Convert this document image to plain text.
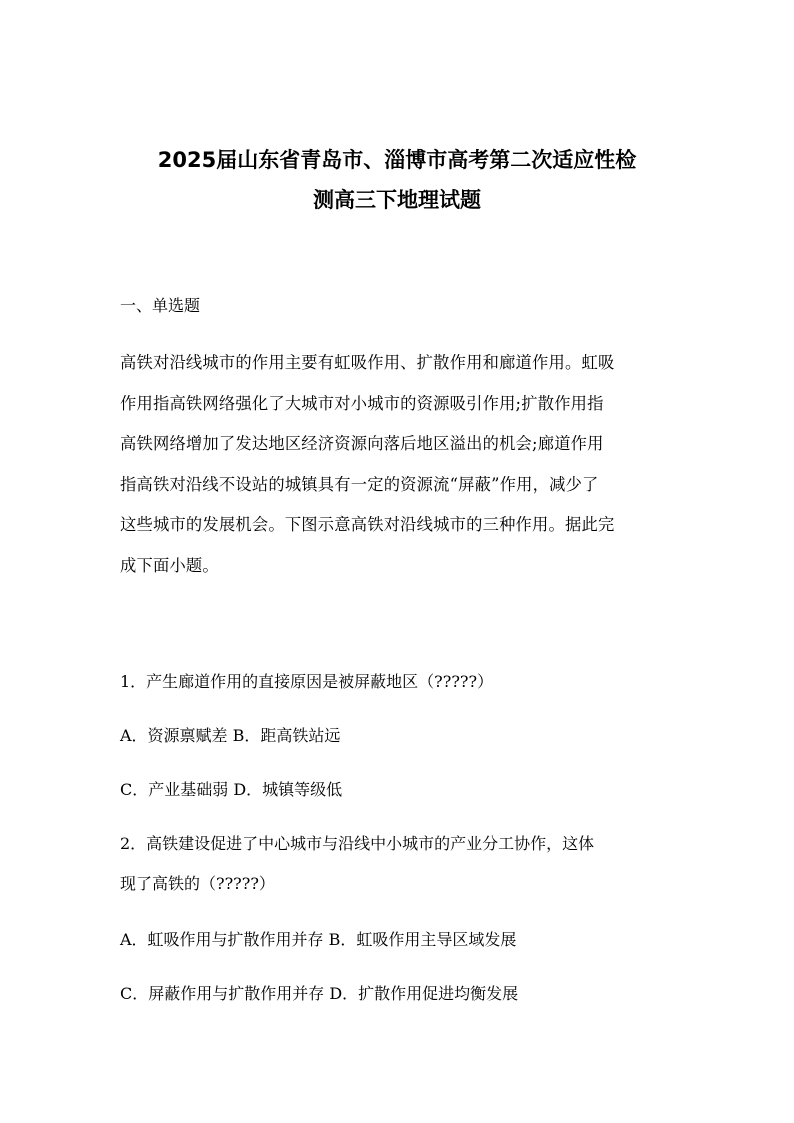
2025届山东省青岛市、淄博市高考第二次适应性检
测高三下地理试题

一、单选题

高铁对沿线城市的作用主要有虹吸作用、扩散作用和廊道作用。虹吸
作用指高铁网络强化了大城市对小城市的资源吸引作用;扩散作用指
高铁网络增加了发达地区经济资源向落后地区溢出的机会;廊道作用
指高铁对沿线不设站的城镇具有一定的资源流“屏蔽”作用，减少了
这些城市的发展机会。下图示意高铁对沿线城市的三种作用。据此完
成下面小题。

1．产生廊道作用的直接原因是被屏蔽地区（?????）

A．资源禀赋差 B．距高铁站远

C．产业基础弱 D．城镇等级低

2．高铁建设促进了中心城市与沿线中小城市的产业分工协作，这体
现了高铁的（?????）

A．虹吸作用与扩散作用并存 B．虹吸作用主导区域发展

C．屏蔽作用与扩散作用并存 D．扩散作用促进均衡发展
